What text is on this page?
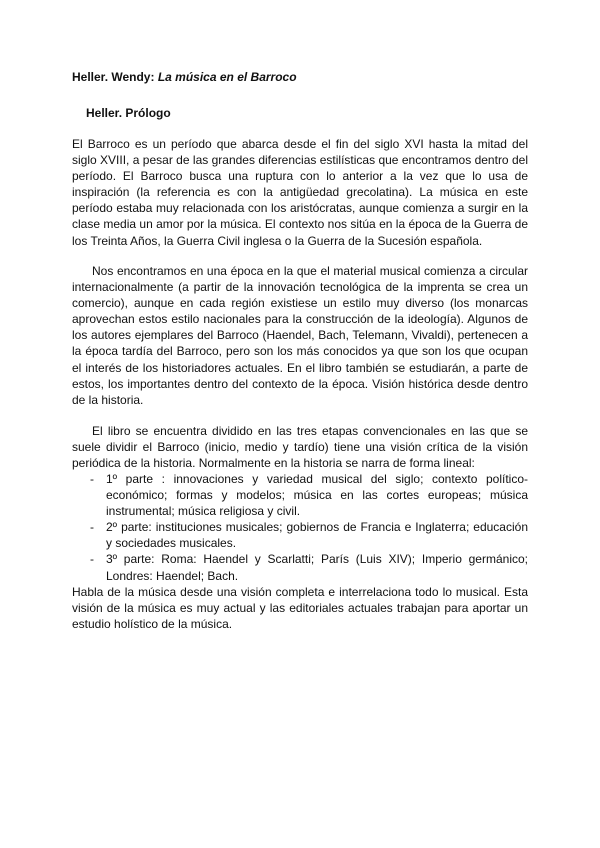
Heller. Wendy: La música en el Barroco
Heller. Prólogo

El Barroco es un período que abarca desde el fin del siglo XVI hasta la mitad del siglo XVIII, a pesar de las grandes diferencias estilísticas que encontramos dentro del período. El Barroco busca una ruptura con lo anterior a la vez que lo usa de inspiración (la referencia es con la antigüedad grecolatina). La música en este período estaba muy relacionada con los aristócratas, aunque comienza a surgir en la clase media un amor por la música. El contexto nos sitúa en la época de la Guerra de los Treinta Años, la Guerra Civil inglesa o la Guerra de la Sucesión española.

Nos encontramos en una época en la que el material musical comienza a circular internacionalmente (a partir de la innovación tecnológica de la imprenta se crea un comercio), aunque en cada región existiese un estilo muy diverso (los monarcas aprovechan estos estilo nacionales para la construcción de la ideología). Algunos de los autores ejemplares del Barroco (Haendel, Bach, Telemann, Vivaldi), pertenecen a la época tardía del Barroco, pero son los más conocidos ya que son los que ocupan el interés de los historiadores actuales. En el libro también se estudiarán, a parte de estos, los importantes dentro del contexto de la época. Visión histórica desde dentro de la historia.

El libro se encuentra dividido en las tres etapas convencionales en las que se suele dividir el Barroco (inicio, medio y tardío) tiene una visión crítica de la visión periódica de la historia. Normalmente en la historia se narra de forma lineal:

- 1º parte : innovaciones y variedad musical del siglo; contexto político-económico; formas y modelos; música en las cortes europeas; música instrumental; música religiosa y civil.
- 2º parte: instituciones musicales; gobiernos de Francia e Inglaterra; educación y sociedades musicales.
- 3º parte: Roma: Haendel y Scarlatti; París (Luis XIV); Imperio germánico; Londres: Haendel; Bach.

Habla de la música desde una visión completa e interrelaciona todo lo musical. Esta visión de la música es muy actual y las editoriales actuales trabajan para aportar un estudio holístico de la música.
